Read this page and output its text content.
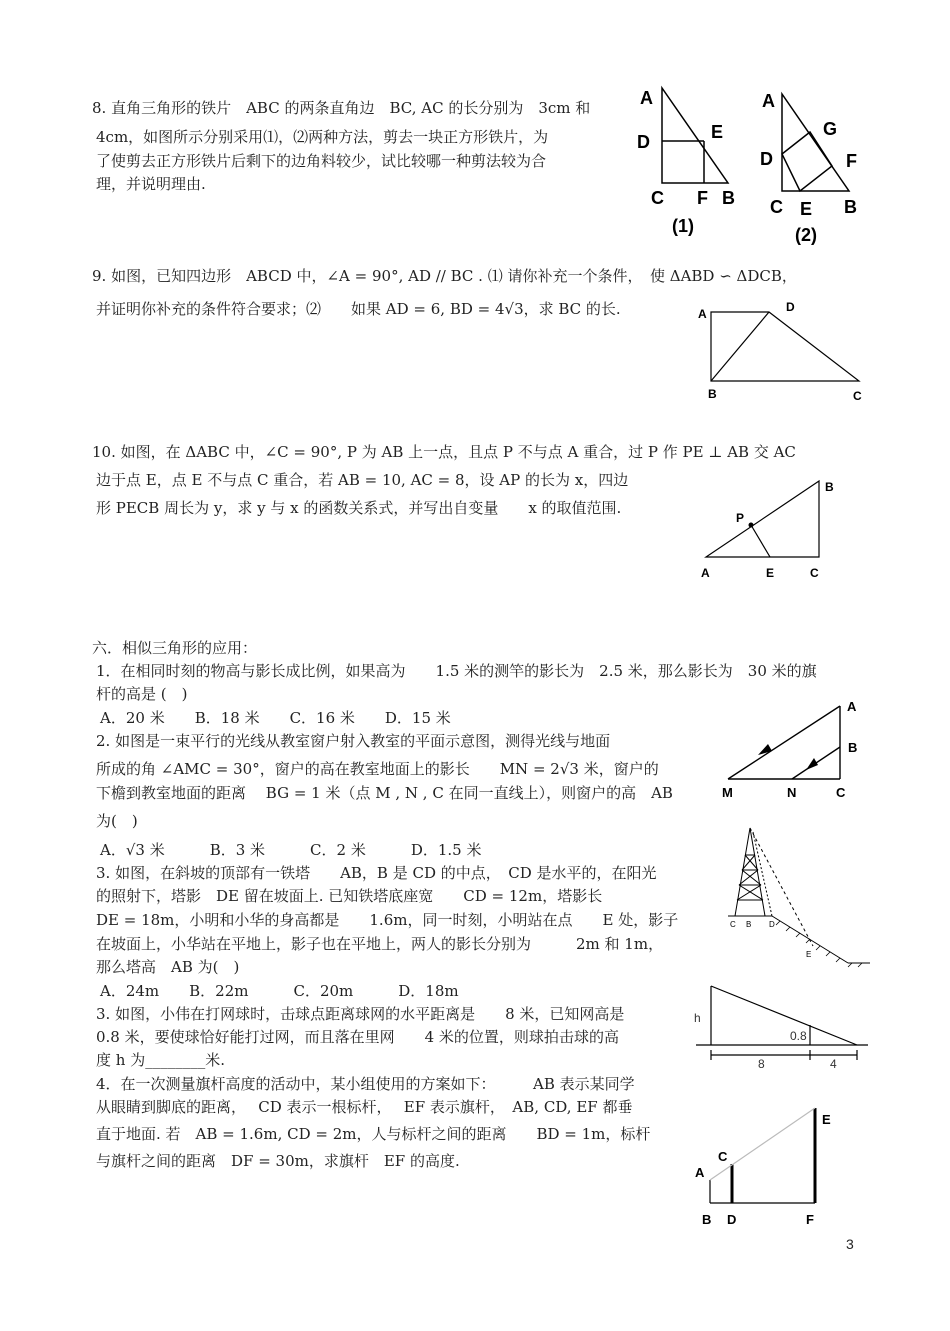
8. 直角三角形的铁片　ABC 的两条直角边　BC, AC 的长分别为　3cm 和
4cm，如图所示分别采用⑴，⑵两种方法，剪去一块正方形铁片，为
了使剪去正方形铁片后剩下的边角料较少，试比较哪一种剪法较为合
理，并说明理由.
9. 如图，已知四边形　ABCD 中，∠A = 90°, AD // BC . ⑴ 请你补充一个条件，　使 ΔABD ∽ ΔDCB，
并证明你补充的条件符合要求；⑵　　如果 AD = 6, BD = 4√3，求 BC 的长.
10. 如图，在 ΔABC 中，∠C = 90°, P 为 AB 上一点，且点 P 不与点 A 重合，过 P 作 PE ⊥ AB 交 AC
边于点 E，点 E 不与点 C 重合，若 AB = 10, AC = 8，设 AP 的长为 x，四边
形 PECB 周长为 y，求 y 与 x 的函数关系式，并写出自变量　　x 的取值范围.
六．相似三角形的应用：
1．在相同时刻的物高与影长成比例，如果高为　　1.5 米的测竿的影长为　2.5 米，那么影长为　30 米的旗
杆的高是 (　)
A．20 米　　B．18 米　　C．16 米　　D．15 米
2. 如图是一束平行的光线从教室窗户射入教室的平面示意图，测得光线与地面
所成的角 ∠AMC = 30°，窗户的高在教室地面上的影长　　MN = 2√3 米，窗户的
下檐到教室地面的距离　 BG = 1 米（点 M , N , C 在同一直线上），则窗户的高　AB
为(　)
A．√3 米　　　B．3 米　　　C．2 米　　　D．1.5 米
3. 如图，在斜坡的顶部有一铁塔　　AB，B 是 CD 的中点，　CD 是水平的，在阳光
的照射下，塔影　DE 留在坡面上. 已知铁塔底座宽　　CD = 12m，塔影长
DE = 18m，小明和小华的身高都是　　1.6m，同一时刻，小明站在点　　E 处，影子
在坡面上，小华站在平地上，影子也在平地上，两人的影长分别为　　　2m 和 1m，
那么塔高　AB 为(　)
A．24m　　B．22m　　　C．20m　　　D．18m
3. 如图，小伟在打网球时，击球点距离球网的水平距离是　　8 米，已知网高是
0.8 米，要使球恰好能打过网，而且落在里网　　4 米的位置，则球拍击球的高
度 h 为________米.
4．在一次测量旗杆高度的活动中，某小组使用的方案如下：　　　AB 表示某同学
从眼睛到脚底的距离，　 CD 表示一根标杆，　 EF 表示旗杆，　AB, CD, EF 都垂
直于地面. 若　AB = 1.6m, CD = 2m，人与标杆之间的距离　　BD = 1m，标杆
与旗杆之间的距离　DF = 30m，求旗杆　EF 的高度.
3
A
D	E
C F B
(1)
A
G
D	F
C E B
(2)
A	D
B	C
B
P
A	E	C
A
B
M	N	C
C B D
E
h
0.8
8	4
E
C
A
B D	F
